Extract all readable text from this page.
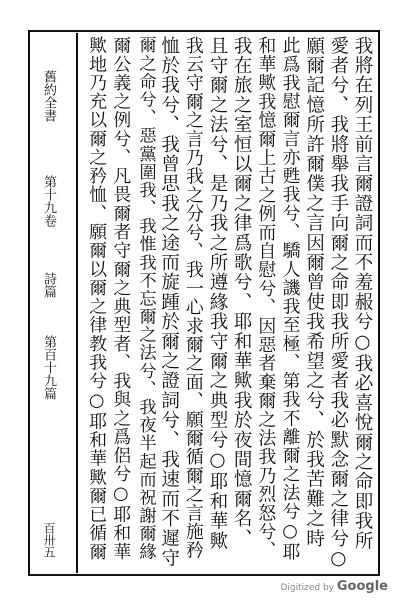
舊約全書
第十九卷
詩篇
第百十九篇
百卅五	我將在列王前言爾證詞而不羞赧兮○我必喜悅爾之命即我所
愛者兮、我將舉我手向爾之命即我所愛者我必默念爾之律兮○
願爾記憶所許爾僕之言因爾曾使我希望之兮、於我苦難之時
此爲我慰爾言亦甦我兮、驕人譏我至極、第我不離爾之法兮○耶
和華歟我憶爾上古之例而自慰兮、因惡者棄爾之法我乃烈怒兮、
我在旅之室恒以爾之律爲歌兮、耶和華歟我於夜間憶爾名、
且守爾之法兮、是乃我之所遵緣我守爾之典型兮○耶和華歟
我云守爾之言乃我之分兮、我一心求爾之面、願爾循爾之言施矜
恤於我兮、我曾思我之途而旋踵於爾之證詞兮、我速而不遲守
爾之命兮、惡黨圍我、我惟我不忘爾之法兮、我夜半起而祝謝爾緣
爾公義之例兮、凡畏爾者守爾之典型者、我與之爲侶兮○耶和華
歟地乃充以爾之矜恤、願爾以爾之律教我兮○耶和華歟爾已循爾
Digitized by Google
